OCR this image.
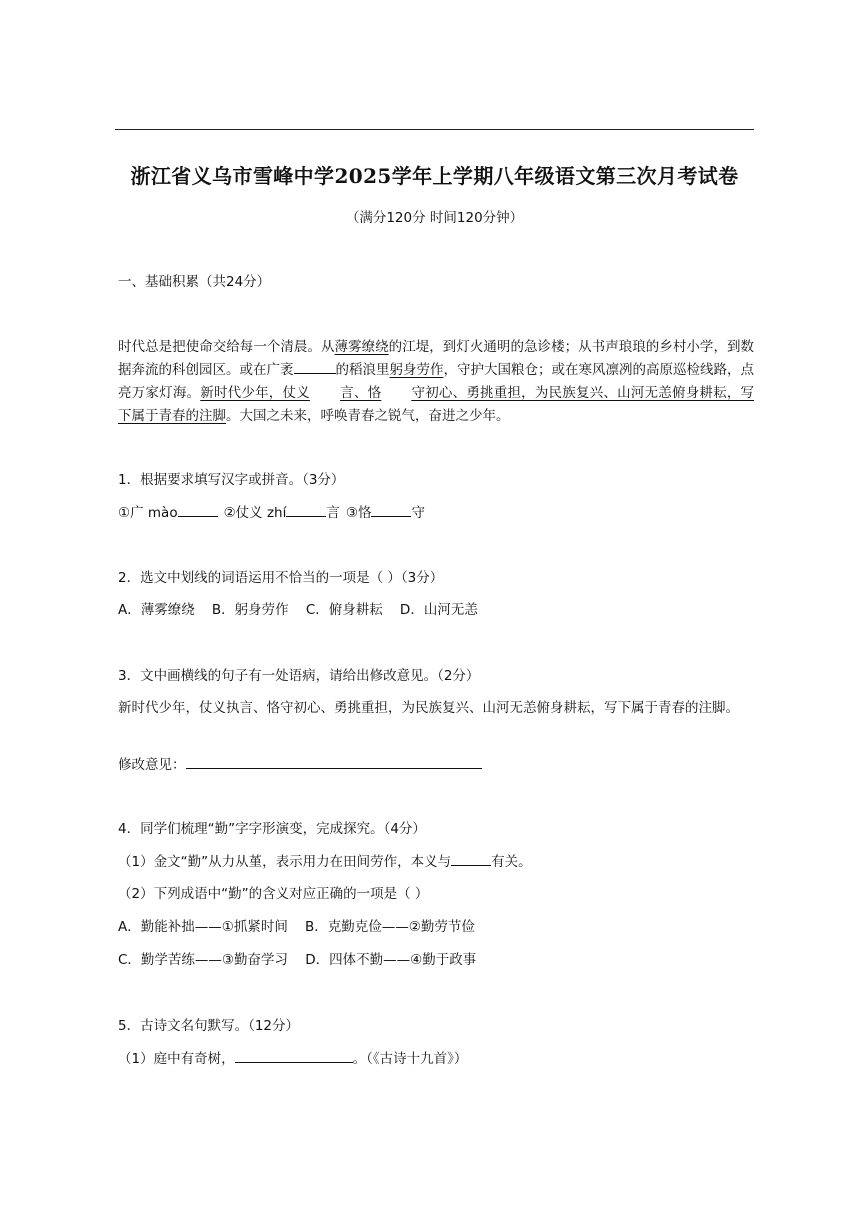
浙江省义乌市雪峰中学2025学年上学期八年级语文第三次月考试卷
（满分120分 时间120分钟）
一、基础积累（共24分）
时代总是把使命交给每一个清晨。从薄雾缭绕的江堤，到灯火通明的急诊楼；从书声琅琅的乡村小学，到数据奔流的科创园区。或在广袤	的稻浪里躬身劳作，守护大国粮仓；或在寒风凛冽的高原巡检线路，点亮万家灯海。新时代少年，仗义 言、恪 守初心、勇挑重担，为民族复兴、山河无恙俯身耕耘，写下属于青春的注脚。大国之未来，呼唤青春之锐气，奋进之少年。
1．根据要求填写汉字或拼音。（3分）
①广 mào	②仗义 zhí	言 ③恪	守
2．选文中划线的词语运用不恰当的一项是（ ）（3分）
A．薄雾缭绕    B．躬身劳作    C．俯身耕耘    D．山河无恙
3．文中画横线的句子有一处语病，请给出修改意见。（2分）
新时代少年，仗义执言、恪守初心、勇挑重担，为民族复兴、山河无恙俯身耕耘，写下属于青春的注脚。
修改意见：
4．同学们梳理“勤”字字形演变，完成探究。（4分）
（1）金文“勤”从力从堇，表示用力在田间劳作，本义与	有关。
（2）下列成语中“勤”的含义对应正确的一项是（ ）
A．勤能补拙——①抓紧时间    B．克勤克俭——②勤劳节俭
C．勤学苦练——③勤奋学习    D．四体不勤——④勤于政事
5．古诗文名句默写。（12分）
（1）庭中有奇树，	。（《古诗十九首》）
